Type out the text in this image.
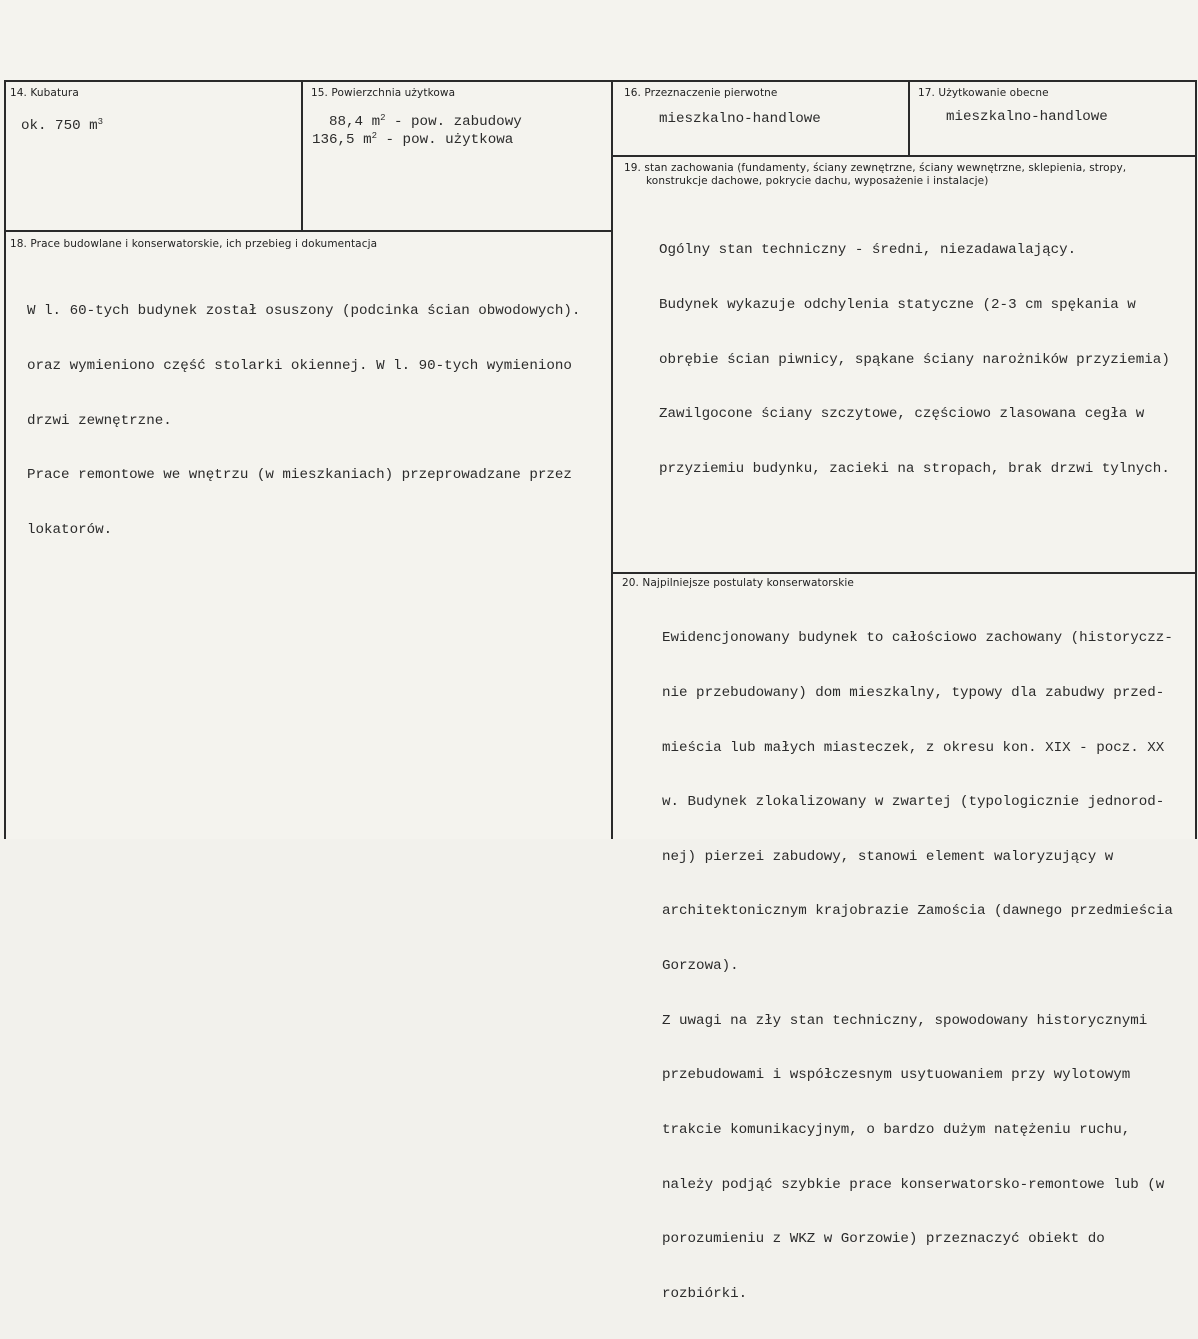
14. Kubatura
ok. 750 $m^3$
15. Powierzchnia użytkowa
88,4 $m^2$ - pow. zabudowy
136,5 $m^2$ - pow. użytkowa
16. Przeznaczenie pierwotne
mieszkalno-handlowe
17. Użytkowanie obecne
mieszkalno-handlowe
19. stan zachowania (fundamenty, ściany zewnętrzne, ściany wewnętrzne, sklepienia, stropy,
konstrukcje dachowe, pokrycie dachu, wyposażenie i instalacje)

Ogólny stan techniczny - średni, niezadawalający.

Budynek wykazuje odchylenia statyczne (2-3 cm spękania w

obrębie ścian piwnicy, spąkane ściany narożników przyziemia)

Zawilgocone ściany szczytowe, częściowo zlasowana cegła w

przyziemiu budynku, zacieki na stropach, brak drzwi tylnych.

18. Prace budowlane i konserwatorskie, ich przebieg i dokumentacja

W l. 60-tych budynek został osuszony (podcinka ścian obwodowych).

oraz wymieniono część stolarki okiennej. W l. 90-tych wymieniono

drzwi zewnętrzne.

Prace remontowe we wnętrzu (w mieszkaniach) przeprowadzane przez

lokatorów.

20. Najpilniejsze postulaty konserwatorskie

Ewidencjonowany budynek to całościowo zachowany (historyczz-

nie przebudowany) dom mieszkalny, typowy dla zabudwy przed-

mieścia lub małych miasteczek, z okresu kon. XIX - pocz. XX

w. Budynek zlokalizowany w zwartej (typologicznie jednorod-

nej) pierzei zabudowy, stanowi element waloryzujący w

architektonicznym krajobrazie Zamościa (dawnego przedmieścia

Gorzowa).

Z uwagi na zły stan techniczny, spowodowany historycznymi

przebudowami i współczesnym usytuowaniem przy wylotowym

trakcie komunikacyjnym, o bardzo dużym natężeniu ruchu,

należy podjąć szybkie prace konserwatorsko-remontowe lub (w

porozumieniu z WKZ w Gorzowie) przeznaczyć obiekt do

rozbiórki.
